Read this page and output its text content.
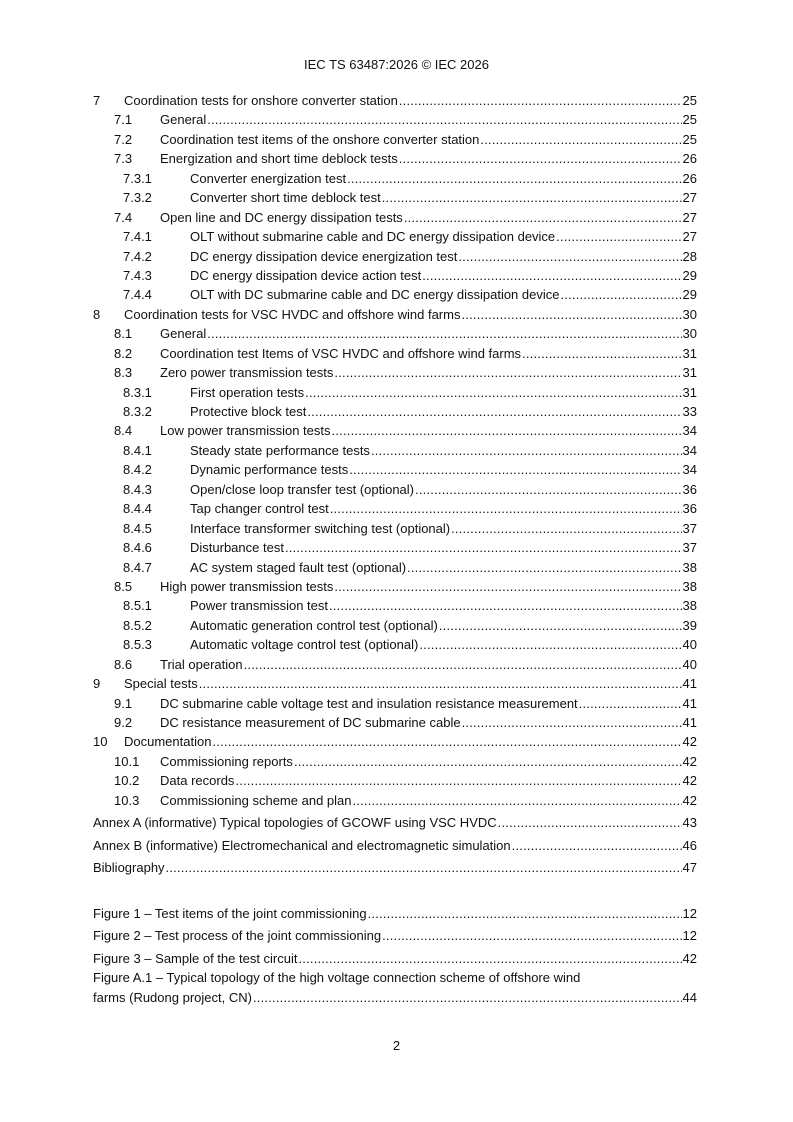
IEC TS 63487:2026 © IEC 2026
7	Coordination tests for onshore converter station .....	25
7.1	General .....	25
7.2	Coordination test items of the onshore converter station .....	25
7.3	Energization and short time deblock tests .....	26
7.3.1	Converter energization test .....	26
7.3.2	Converter short time deblock test .....	27
7.4	Open line and DC energy dissipation tests .....	27
7.4.1	OLT without submarine cable and DC energy dissipation device .....	27
7.4.2	DC energy dissipation device energization test .....	28
7.4.3	DC energy dissipation device action test .....	29
7.4.4	OLT with DC submarine cable and DC energy dissipation device .....	29
8	Coordination tests for VSC HVDC and offshore wind farms .....	30
8.1	General .....	30
8.2	Coordination test Items of VSC HVDC and offshore wind farms .....	31
8.3	Zero power transmission tests .....	31
8.3.1	First operation tests .....	31
8.3.2	Protective block test .....	33
8.4	Low power transmission tests .....	34
8.4.1	Steady state performance tests .....	34
8.4.2	Dynamic performance tests .....	34
8.4.3	Open/close loop transfer test (optional) .....	36
8.4.4	Tap changer control test .....	36
8.4.5	Interface transformer switching test (optional) .....	37
8.4.6	Disturbance test .....	37
8.4.7	AC system staged fault test (optional) .....	38
8.5	High power transmission tests .....	38
8.5.1	Power transmission test .....	38
8.5.2	Automatic generation control test (optional) .....	39
8.5.3	Automatic voltage control test (optional) .....	40
8.6	Trial operation .....	40
9	Special tests .....	41
9.1	DC submarine cable voltage test and insulation resistance measurement .....	41
9.2	DC resistance measurement of DC submarine cable .....	41
10	Documentation .....	42
10.1	Commissioning reports .....	42
10.2	Data records .....	42
10.3	Commissioning scheme and plan .....	42
Annex A (informative) Typical topologies of GCOWF using VSC HVDC .....	43
Annex B (informative) Electromechanical and electromagnetic simulation .....	46
Bibliography .....	47
Figure 1 – Test items of the joint commissioning .....	12
Figure 2 – Test process of the joint commissioning .....	12
Figure 3 – Sample of the test circuit .....	42
Figure A.1 – Typical topology of the high voltage connection scheme of offshore wind
farms (Rudong project, CN) .....	44
2
